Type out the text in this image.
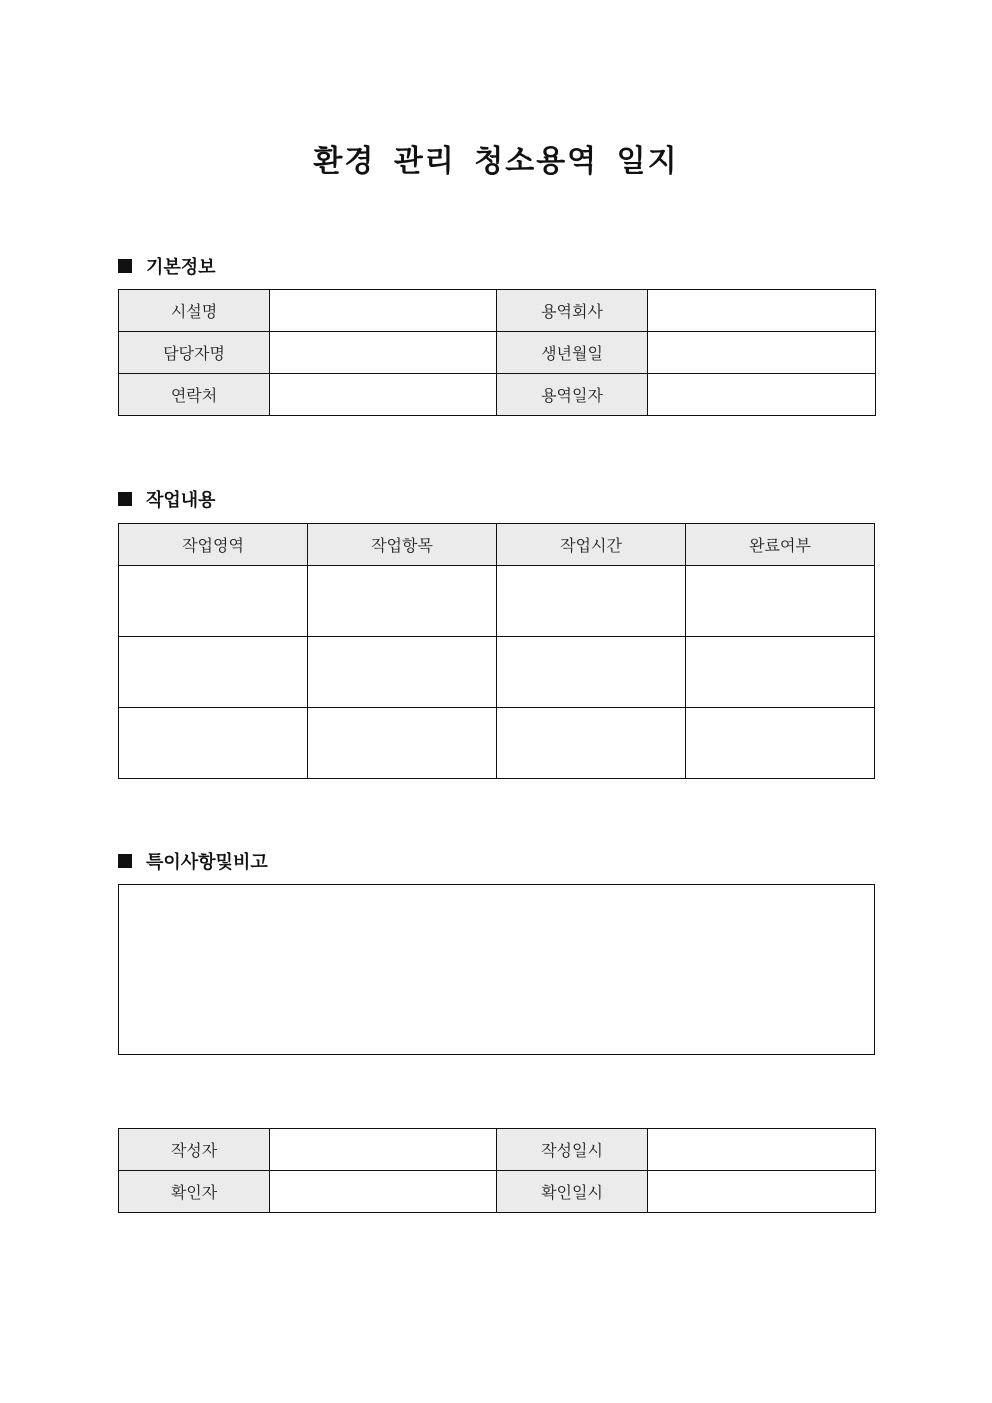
환경 관리 청소용역 일지
기본정보
시설명		용역회사	
담당자명		생년월일	
연락처		용역일자	
작업내용
작업영역	작업항목	작업시간	완료여부

특이사항및비고
작성자		작성일시	
확인자		확인일시	
